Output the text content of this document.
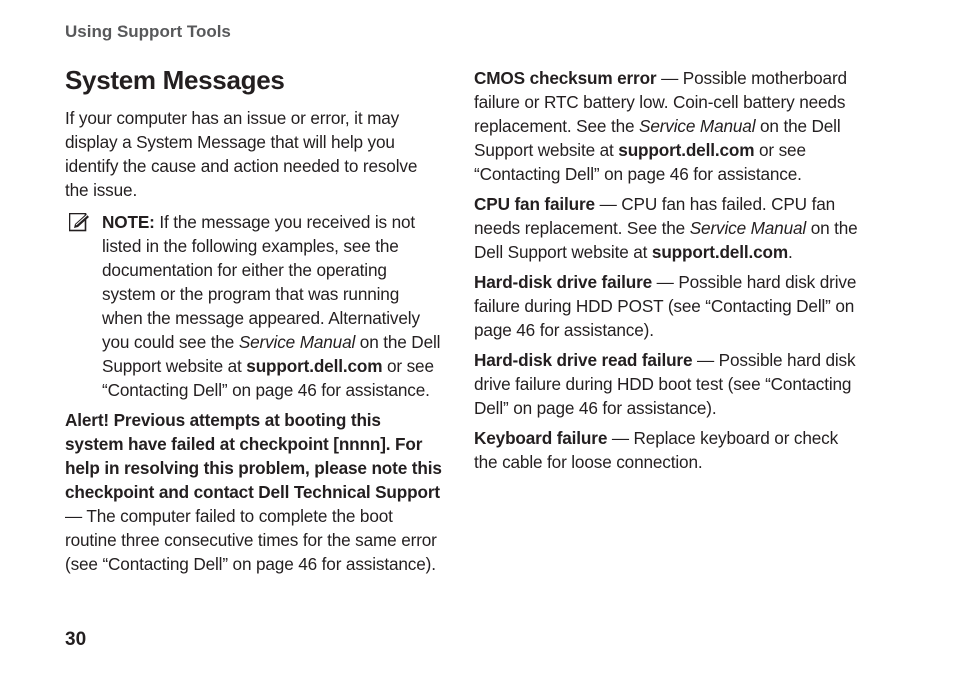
Using Support Tools
System Messages

If your computer has an issue or error, it may display a System Message that will help you identify the cause and action needed to resolve the issue.

NOTE: If the message you received is not listed in the following examples, see the documentation for either the operating system or the program that was running when the message appeared. Alternatively you could see the Service Manual on the Dell Support website at support.dell.com or see “Contacting Dell” on page 46 for assistance.

Alert! Previous attempts at booting this system have failed at checkpoint [nnnn]. For help in resolving this problem, please note this checkpoint and contact Dell Technical Support — The computer failed to complete the boot routine three consecutive times for the same error (see “Contacting Dell” on page 46 for assistance).

CMOS checksum error — Possible motherboard failure or RTC battery low. Coin-cell battery needs replacement. See the Service Manual on the Dell Support website at support.dell.com or see “Contacting Dell” on page 46 for assistance.

CPU fan failure — CPU fan has failed. CPU fan needs replacement. See the Service Manual on the Dell Support website at support.dell.com.

Hard-disk drive failure — Possible hard disk drive failure during HDD POST (see “Contacting Dell” on page 46 for assistance).

Hard-disk drive read failure — Possible hard disk drive failure during HDD boot test (see “Contacting Dell” on page 46 for assistance).

Keyboard failure — Replace keyboard or check the cable for loose connection.

30
